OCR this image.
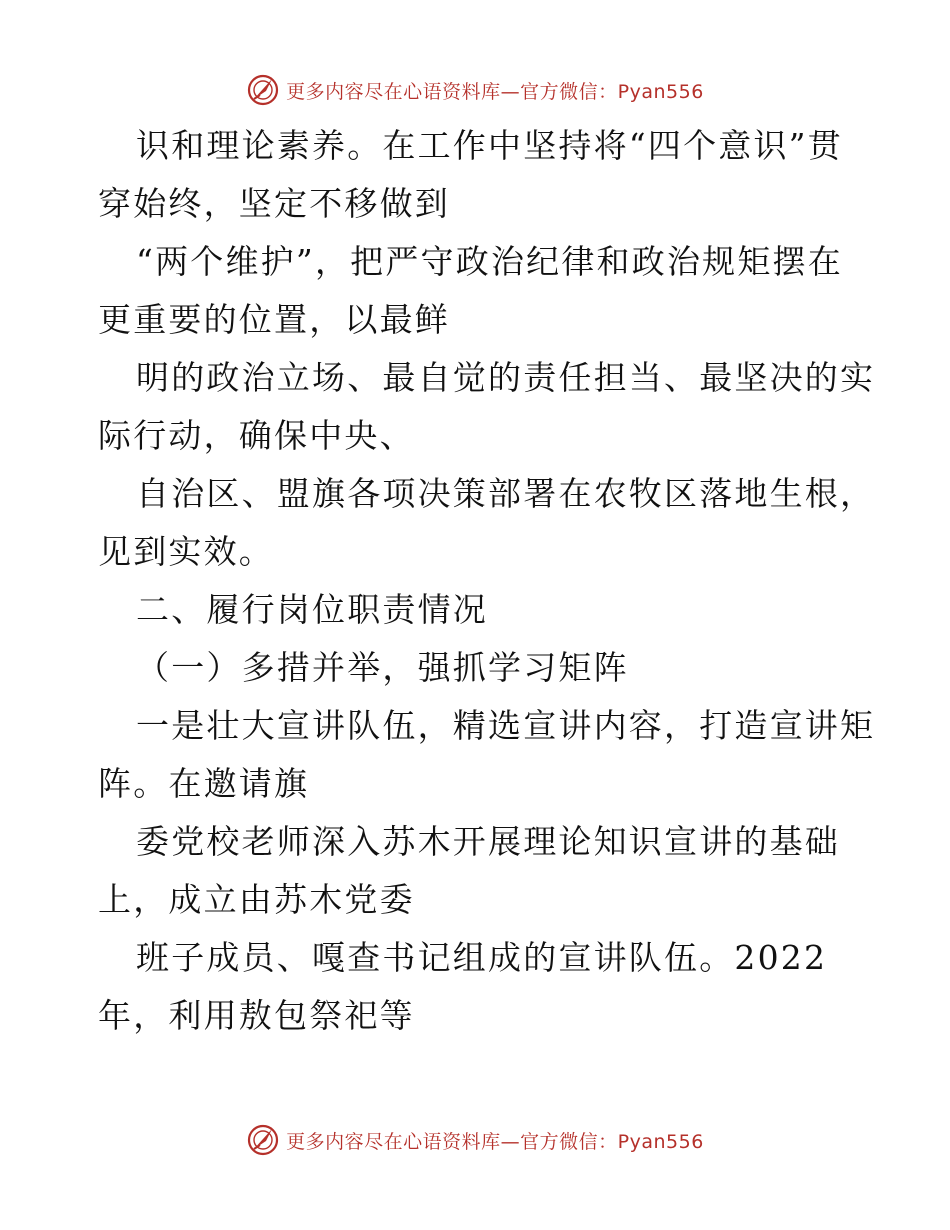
更多内容尽在心语资料库—官方微信：Pyan556
识和理论素养。在工作中坚持将“四个意识”贯
穿始终，坚定不移做到
“两个维护”，把严守政治纪律和政治规矩摆在
更重要的位置，以最鲜
明的政治立场、最自觉的责任担当、最坚决的实
际行动，确保中央、
自治区、盟旗各项决策部署在农牧区落地生根，
见到实效。
二、履行岗位职责情况
（一）多措并举，强抓学习矩阵
一是壮大宣讲队伍，精选宣讲内容，打造宣讲矩
阵。在邀请旗
委党校老师深入苏木开展理论知识宣讲的基础
上，成立由苏木党委
班子成员、嘎查书记组成的宣讲队伍。2022
年，利用敖包祭祀等
更多内容尽在心语资料库—官方微信：Pyan556
